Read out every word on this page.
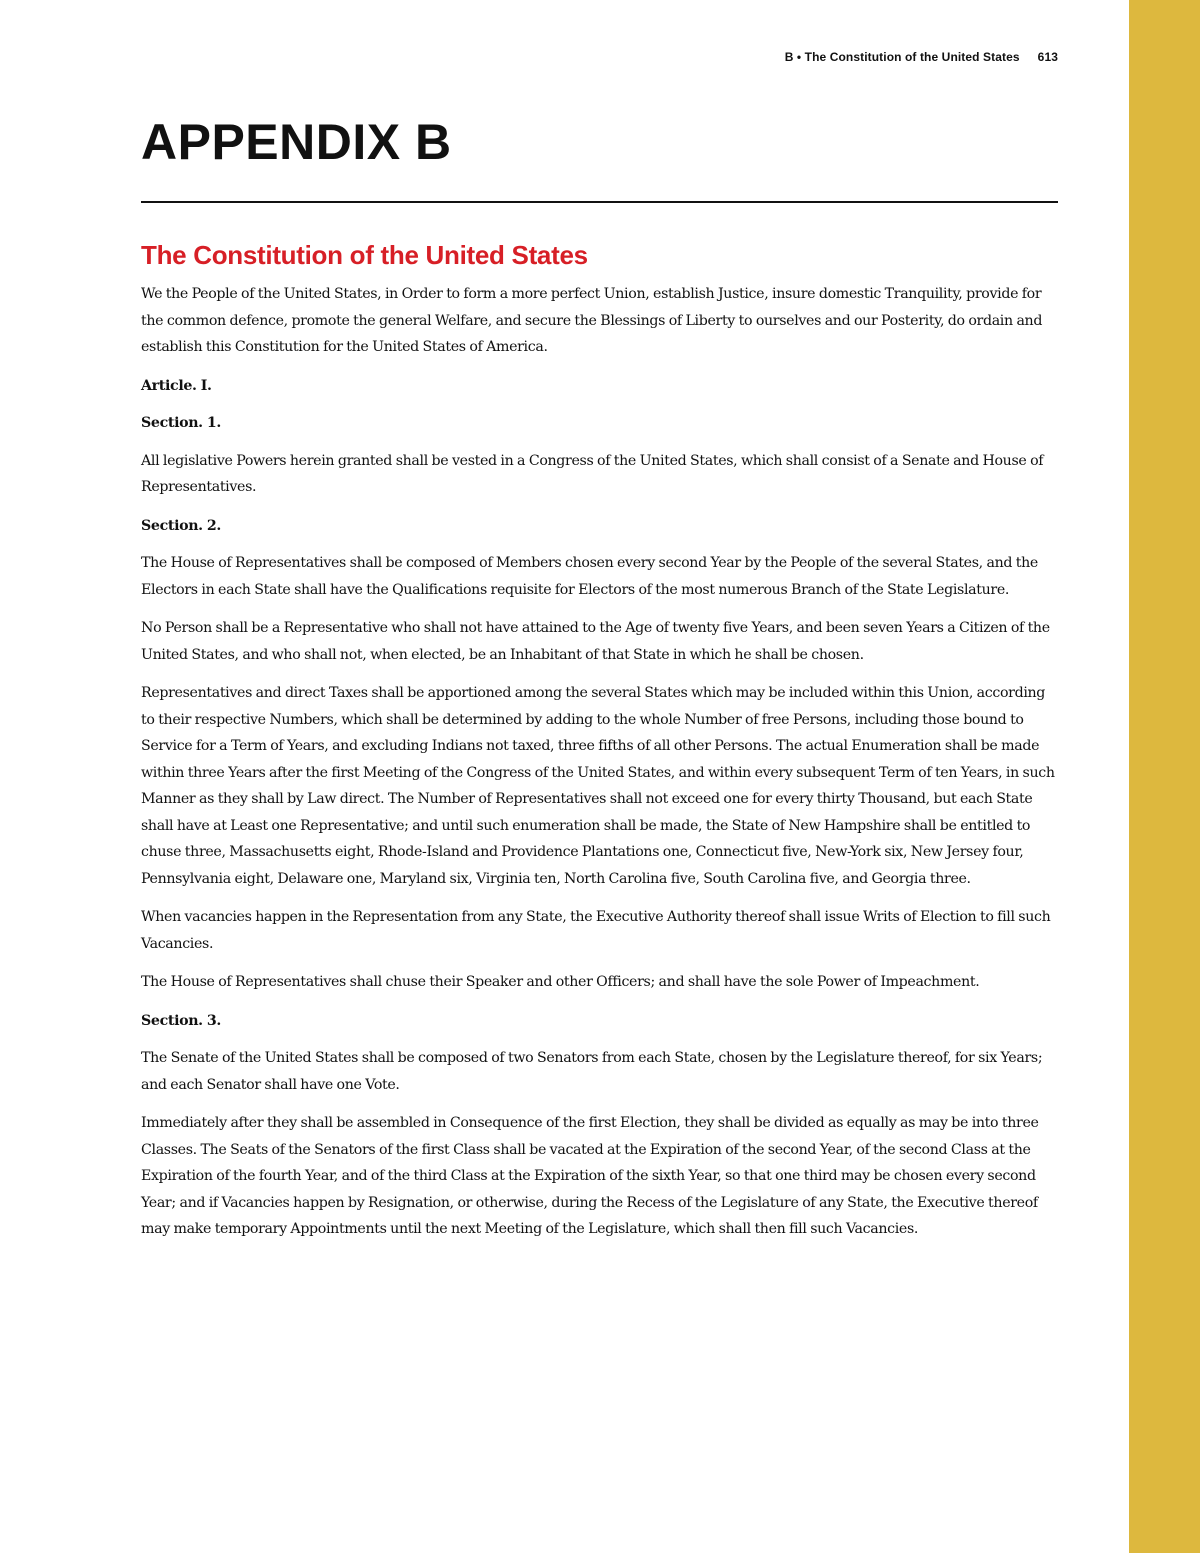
B • The Constitution of the United States 613
APPENDIX B
The Constitution of the United States

We the People of the United States, in Order to form a more perfect Union, establish Justice, insure domestic Tranquility, provide for the common defence, promote the general Welfare, and secure the Blessings of Liberty to ourselves and our Posterity, do ordain and establish this Constitution for the United States of America.

Article. I.

Section. 1.

All legislative Powers herein granted shall be vested in a Congress of the United States, which shall consist of a Senate and House of Representatives.

Section. 2.

The House of Representatives shall be composed of Members chosen every second Year by the People of the several States, and the Electors in each State shall have the Qualifications requisite for Electors of the most numerous Branch of the State Legislature.

No Person shall be a Representative who shall not have attained to the Age of twenty five Years, and been seven Years a Citizen of the United States, and who shall not, when elected, be an Inhabitant of that State in which he shall be chosen.

Representatives and direct Taxes shall be apportioned among the several States which may be included within this Union, according to their respective Numbers, which shall be determined by adding to the whole Number of free Persons, including those bound to Service for a Term of Years, and excluding Indians not taxed, three fifths of all other Persons. The actual Enumeration shall be made within three Years after the first Meeting of the Congress of the United States, and within every subsequent Term of ten Years, in such Manner as they shall by Law direct. The Number of Representatives shall not exceed one for every thirty Thousand, but each State shall have at Least one Representative; and until such enumeration shall be made, the State of New Hampshire shall be entitled to chuse three, Massachusetts eight, Rhode-Island and Providence Plantations one, Connecticut five, New-York six, New Jersey four, Pennsylvania eight, Delaware one, Maryland six, Virginia ten, North Carolina five, South Carolina five, and Georgia three.

When vacancies happen in the Representation from any State, the Executive Authority thereof shall issue Writs of Election to fill such Vacancies.

The House of Representatives shall chuse their Speaker and other Officers; and shall have the sole Power of Impeachment.

Section. 3.

The Senate of the United States shall be composed of two Senators from each State, chosen by the Legislature thereof, for six Years; and each Senator shall have one Vote.

Immediately after they shall be assembled in Consequence of the first Election, they shall be divided as equally as may be into three Classes. The Seats of the Senators of the first Class shall be vacated at the Expiration of the second Year, of the second Class at the Expiration of the fourth Year, and of the third Class at the Expiration of the sixth Year, so that one third may be chosen every second Year; and if Vacancies happen by Resignation, or otherwise, during the Recess of the Legislature of any State, the Executive thereof may make temporary Appointments until the next Meeting of the Legislature, which shall then fill such Vacancies.
